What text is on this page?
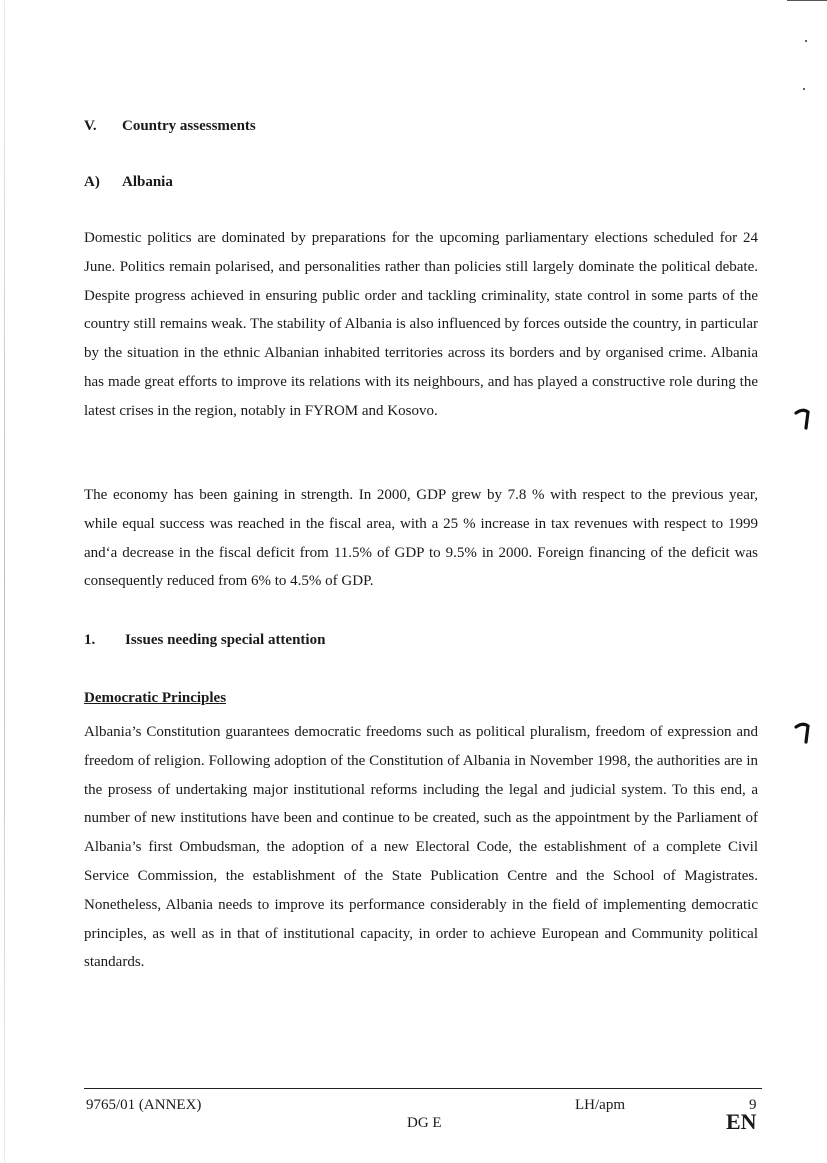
V. Country assessments
A) Albania
Domestic politics are dominated by preparations for the upcoming parliamentary elections scheduled for 24 June. Politics remain polarised, and personalities rather than policies still largely dominate the political debate. Despite progress achieved in ensuring public order and tackling criminality, state control in some parts of the country still remains weak. The stability of Albania is also influenced by forces outside the country, in particular by the situation in the ethnic Albanian inhabited territories across its borders and by organised crime. Albania has made great efforts to improve its relations with its neighbours, and has played a constructive role during the latest crises in the region, notably in FYROM and Kosovo.
The economy has been gaining in strength. In 2000, GDP grew by 7.8 % with respect to the previous year, while equal success was reached in the fiscal area, with a 25 % increase in tax revenues with respect to 1999 and‘a decrease in the fiscal deficit from 11.5% of GDP to 9.5% in 2000. Foreign financing of the deficit was consequently reduced from 6% to 4.5% of GDP.
1. Issues needing special attention
Democratic Principles
Albania’s Constitution guarantees democratic freedoms such as political pluralism, freedom of expression and freedom of religion. Following adoption of the Constitution of Albania in November 1998, the authorities are in the prosess of undertaking major institutional reforms including the legal and judicial system. To this end, a number of new institutions have been and continue to be created, such as the appointment by the Parliament of Albania’s first Ombudsman, the adoption of a new Electoral Code, the establishment of a complete Civil Service Commission, the establishment of the State Publication Centre and the School of Magistrates. Nonetheless, Albania needs to improve its performance considerably in the field of implementing democratic principles, as well as in that of institutional capacity, in order to achieve European and Community political standards.
9765/01 (ANNEX)	LH/apm	9
DG E	EN
